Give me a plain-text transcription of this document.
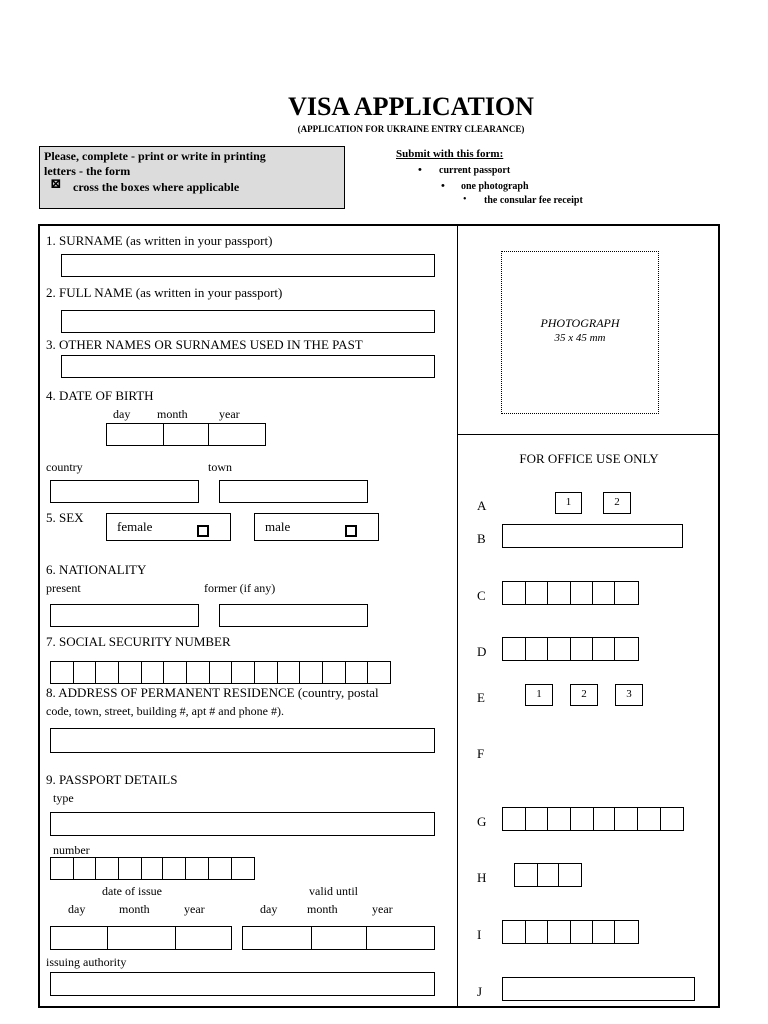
VISA APPLICATION
(APPLICATION FOR UKRAINE ENTRY CLEARANCE)
Please, complete - print or write in printing
letters - the form
⊠ cross the boxes where applicable
Submit with this form:
• current passport
• one photograph
• the consular fee receipt
1. SURNAME (as written in your passport)
2. FULL NAME (as written in your passport)
3. OTHER NAMES OR SURNAMES USED IN THE PAST
4. DATE OF BIRTH
day month	year
country	town
5. SEX
female	male
6. NATIONALITY
present	former (if any)
7. SOCIAL SECURITY NUMBER
8. ADDRESS OF PERMANENT RESIDENCE (country, postal
code, town, street, building #, apt # and phone #).
9. PASSPORT DETAILS
type
number
date of issue	valid until
day	month	year	day month	year
issuing authority
PHOTOGRAPH
35 x 45 mm
FOR OFFICE USE ONLY
A	1	2
B
C
D
E	1	2	3
F
G
H
I
J
